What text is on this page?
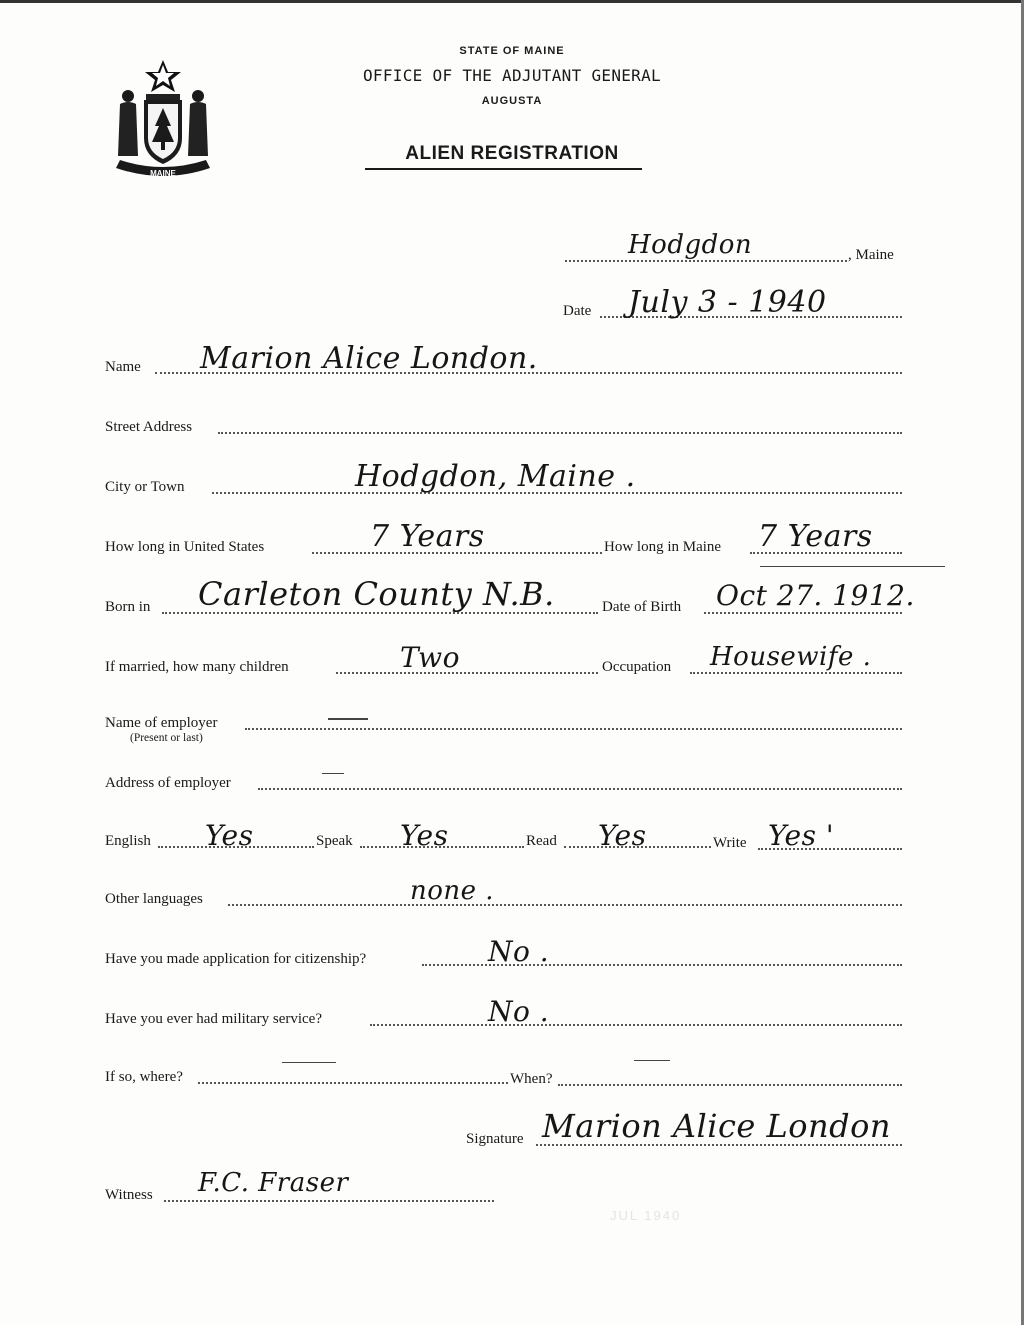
MAINE
STATE OF MAINE
OFFICE OF THE ADJUTANT GENERAL
AUGUSTA
ALIEN REGISTRATION
Hodgdon	, Maine
Date July 3 - 1940
Name Marion Alice London.
Street Address
City or Town	Hodgdon, Maine .
How long in United States	7 Years	How long in Maine 7 Years
Born in Carleton County N.B.	Date of Birth Oct 27. 1912.
If married, how many children	Two	Occupation Housewife .
Name of employer
(Present or last)
Address of employer
English Yes	Speak Yes	Read Yes	Write Yes '
Other languages	none .
Have you made application for citizenship?	No .
Have you ever had military service?	No .
If so, where?	When?
Signature Marion Alice London
Witness F.C. Fraser
JUL 1940
